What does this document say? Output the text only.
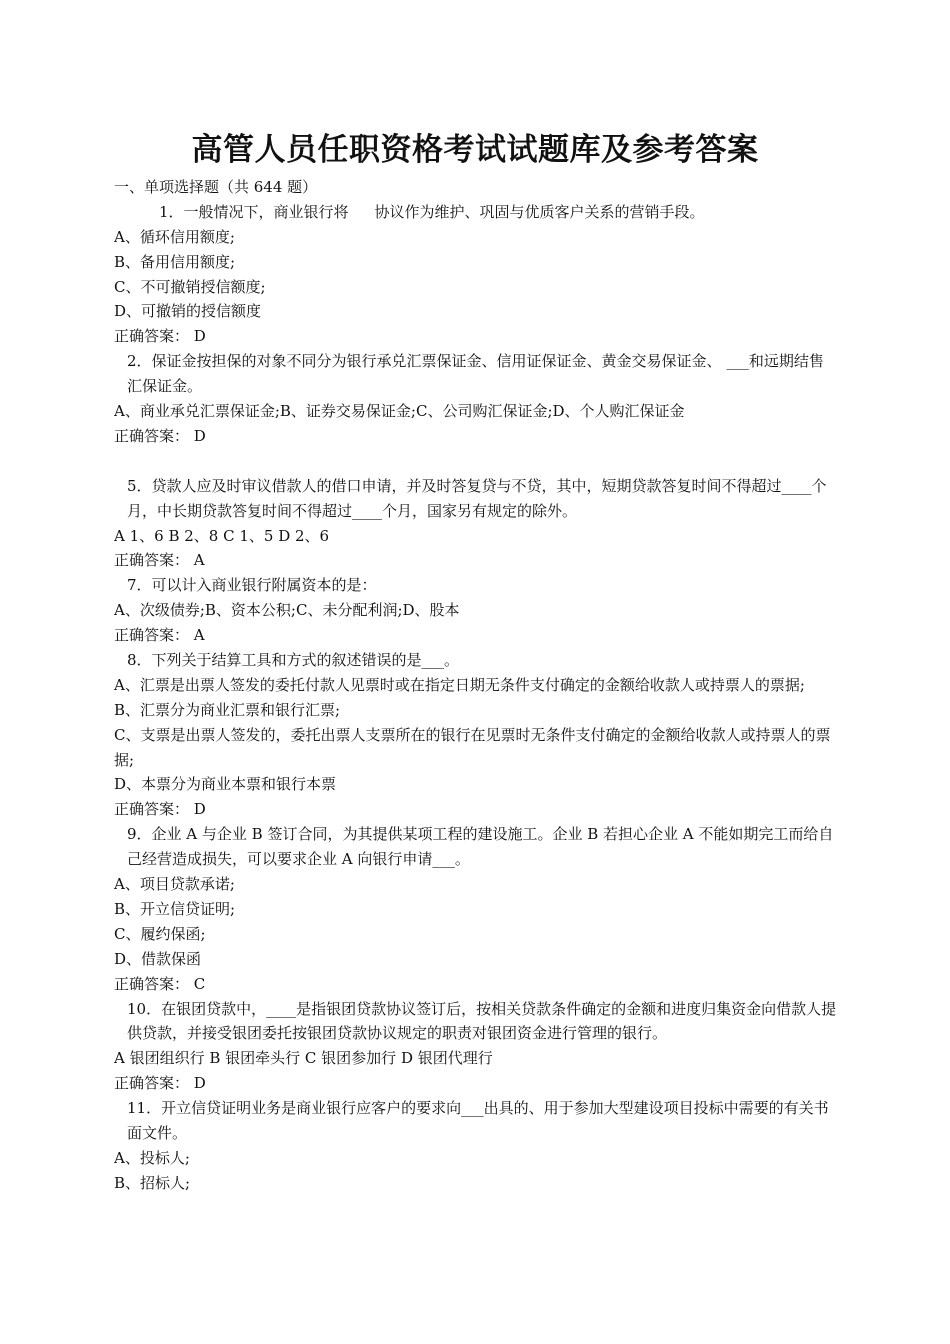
高管人员任职资格考试试题库及参考答案
一、单项选择题（共 644 题）
1．一般情况下，商业银行将 协议作为维护、巩固与优质客户关系的营销手段。
A、循环信用额度;
B、备用信用额度;
C、不可撤销授信额度;
D、可撤销的授信额度
正确答案： D
2．保证金按担保的对象不同分为银行承兑汇票保证金、信用证保证金、黄金交易保证金、 ___和远期结售汇保证金。
A、商业承兑汇票保证金;B、证券交易保证金;C、公司购汇保证金;D、个人购汇保证金
正确答案： D
5．贷款人应及时审议借款人的借口申请，并及时答复贷与不贷，其中，短期贷款答复时间不得超过____个月，中长期贷款答复时间不得超过____个月，国家另有规定的除外。
A 1、6 B 2、8 C 1、5 D 2、6
正确答案： A
7．可以计入商业银行附属资本的是：
A、次级债券;B、资本公积;C、未分配利润;D、股本
正确答案： A
8．下列关于结算工具和方式的叙述错误的是___。
A、汇票是出票人签发的委托付款人见票时或在指定日期无条件支付确定的金额给收款人或持票人的票据;
B、汇票分为商业汇票和银行汇票;
C、支票是出票人签发的，委托出票人支票所在的银行在见票时无条件支付确定的金额给收款人或持票人的票据;
D、本票分为商业本票和银行本票
正确答案： D
9．企业 A 与企业 B 签订合同，为其提供某项工程的建设施工。企业 B 若担心企业 A 不能如期完工而给自己经营造成损失，可以要求企业 A 向银行申请___。
A、项目贷款承诺;
B、开立信贷证明;
C、履约保函;
D、借款保函
正确答案： C
10．在银团贷款中，____是指银团贷款协议签订后，按相关贷款条件确定的金额和进度归集资金向借款人提供贷款，并接受银团委托按银团贷款协议规定的职责对银团资金进行管理的银行。
A 银团组织行 B 银团牵头行 C 银团参加行 D 银团代理行
正确答案： D
11．开立信贷证明业务是商业银行应客户的要求向___出具的、用于参加大型建设项目投标中需要的有关书面文件。
A、投标人;
B、招标人;
